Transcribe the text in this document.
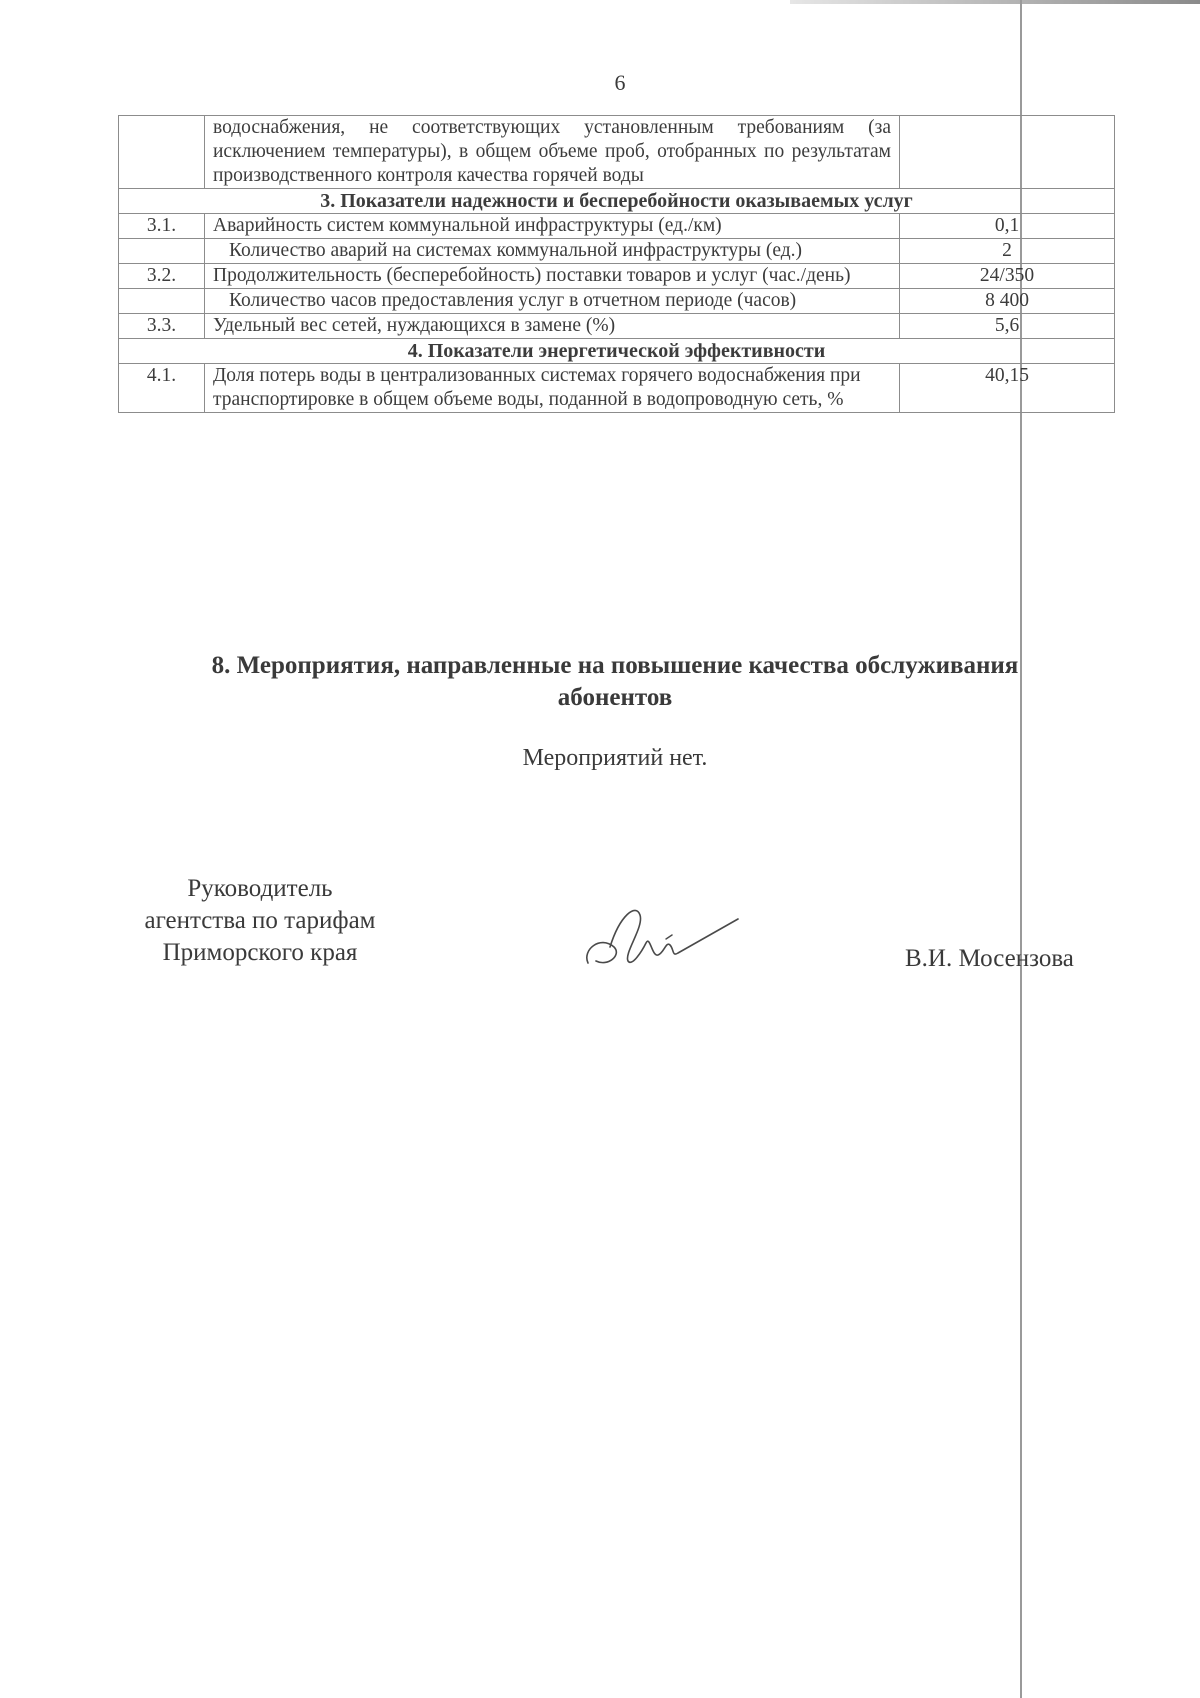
6
	водоснабжения, не соответствующих установленным требованиям (за исключением температуры), в общем объеме проб, отобранных по результатам производственного контроля качества горячей воды	
3. Показатели надежности и бесперебойности оказываемых услуг		
3.1.	Аварийность систем коммунальной инфраструктуры (ед./км)	0,1
	Количество аварий на системах коммунальной инфраструктуры (ед.)	2
3.2.	Продолжительность (бесперебойность) поставки товаров и услуг (час./день)	24/350
	Количество часов предоставления услуг в отчетном периоде (часов)	8 400
3.3.	Удельный вес сетей, нуждающихся в замене (%)	5,6
4. Показатели энергетической эффективности		
4.1.	Доля потерь воды в централизованных системах горячего водоснабжения при транспортировке в общем объеме воды, поданной в водопроводную сеть, %	40,15
8. Мероприятия, направленные на повышение качества обслуживания абонентов
Мероприятий нет.
Руководитель
агентства по тарифам
Приморского края	В.И. Мосензова
